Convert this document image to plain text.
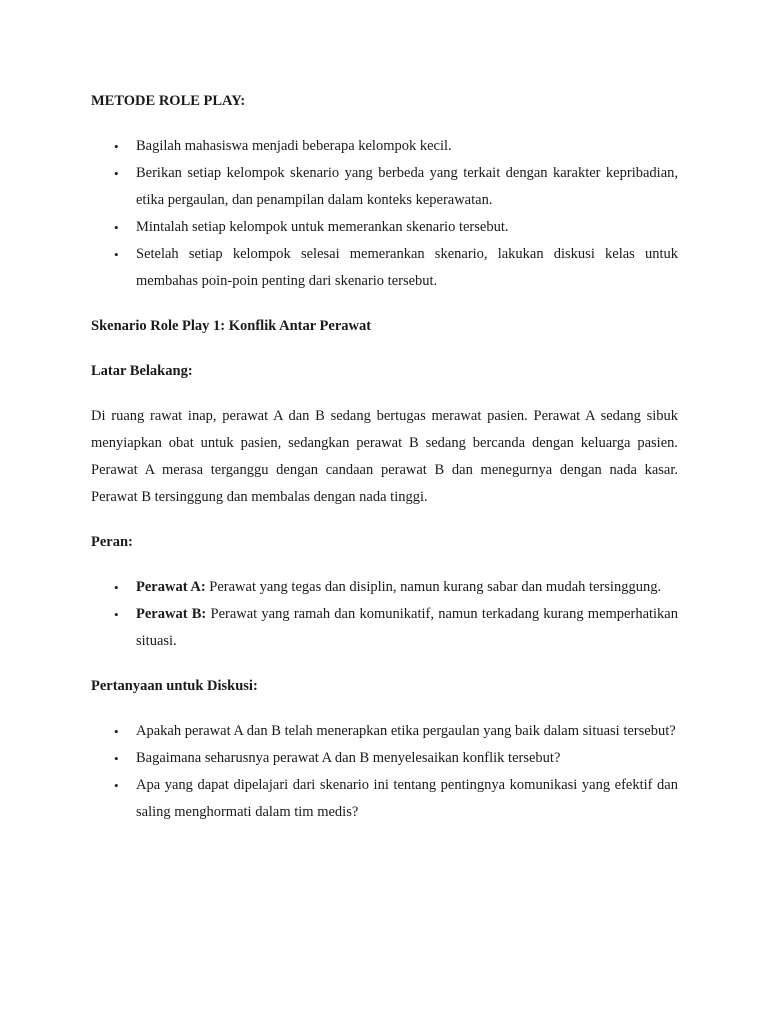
METODE ROLE PLAY:

• Bagilah mahasiswa menjadi beberapa kelompok kecil.
• Berikan setiap kelompok skenario yang berbeda yang terkait dengan karakter kepribadian, etika pergaulan, dan penampilan dalam konteks keperawatan.
• Mintalah setiap kelompok untuk memerankan skenario tersebut.
• Setelah setiap kelompok selesai memerankan skenario, lakukan diskusi kelas untuk membahas poin-poin penting dari skenario tersebut.

Skenario Role Play 1: Konflik Antar Perawat

Latar Belakang:

Di ruang rawat inap, perawat A dan B sedang bertugas merawat pasien. Perawat A sedang sibuk menyiapkan obat untuk pasien, sedangkan perawat B sedang bercanda dengan keluarga pasien. Perawat A merasa terganggu dengan candaan perawat B dan menegurnya dengan nada kasar. Perawat B tersinggung dan membalas dengan nada tinggi.

Peran:

• Perawat A: Perawat yang tegas dan disiplin, namun kurang sabar dan mudah tersinggung.
• Perawat B: Perawat yang ramah dan komunikatif, namun terkadang kurang memperhatikan situasi.

Pertanyaan untuk Diskusi:

• Apakah perawat A dan B telah menerapkan etika pergaulan yang baik dalam situasi tersebut?
• Bagaimana seharusnya perawat A dan B menyelesaikan konflik tersebut?
• Apa yang dapat dipelajari dari skenario ini tentang pentingnya komunikasi yang efektif dan saling menghormati dalam tim medis?
